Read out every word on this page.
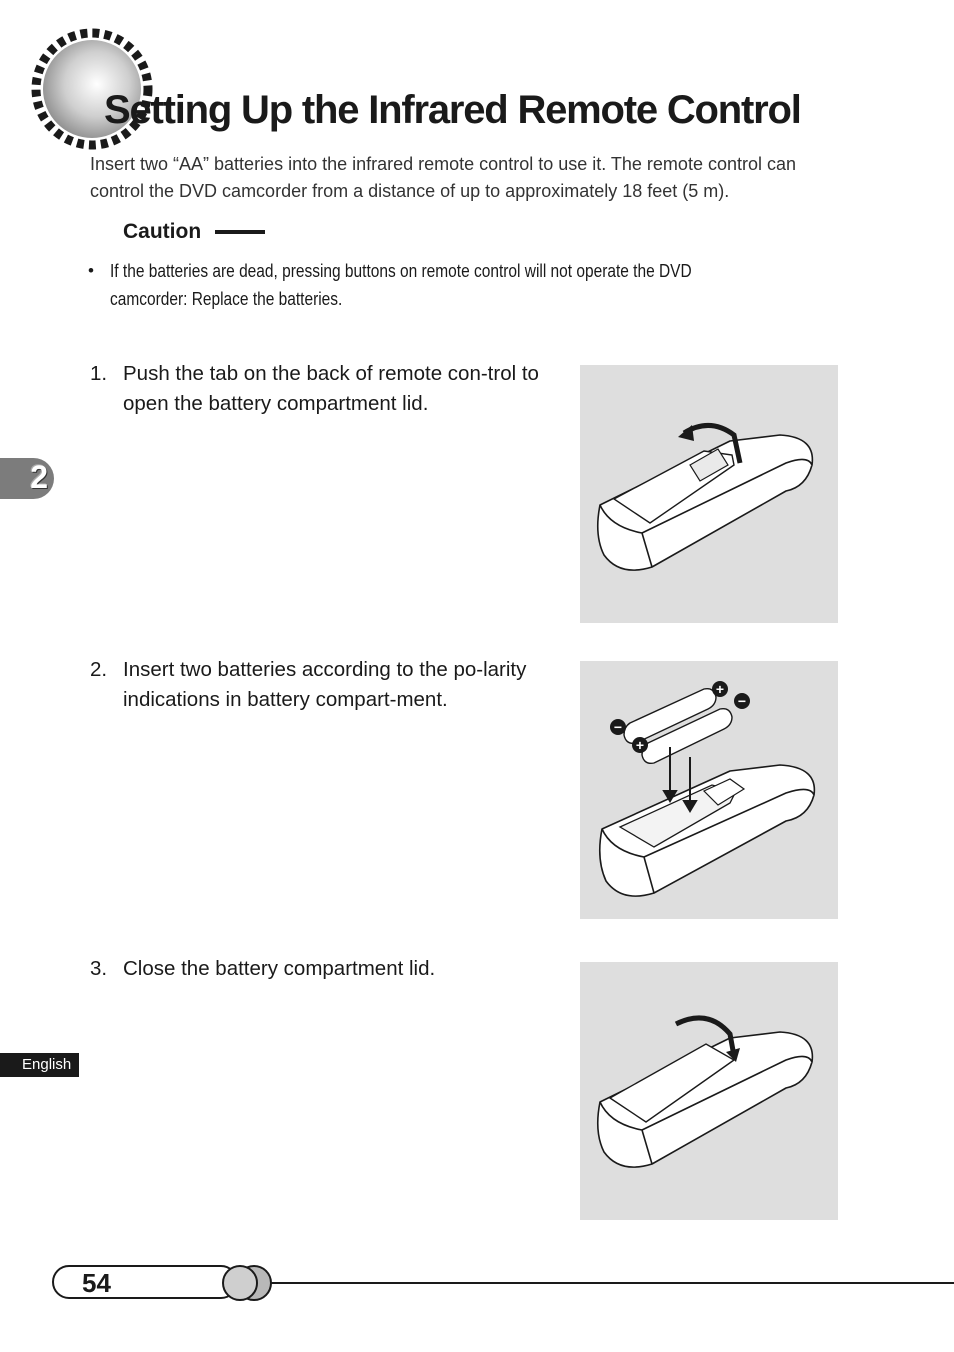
Setting Up the Infrared Remote Control

Insert two “AA” batteries into the infrared remote control to use it. The remote control can control the DVD camcorder from a distance of up to approximately 18 feet (5 m).

Caution
• If the batteries are dead, pressing buttons on remote control will not operate the DVD camcorder: Replace the batteries.
1. Push the tab on the back of remote con-trol to open the battery compartment lid.
2. Insert two batteries according to the po-larity indications in battery compart-ment.	+
−
−
+
3. Close the battery compartment lid.
2
English
54
